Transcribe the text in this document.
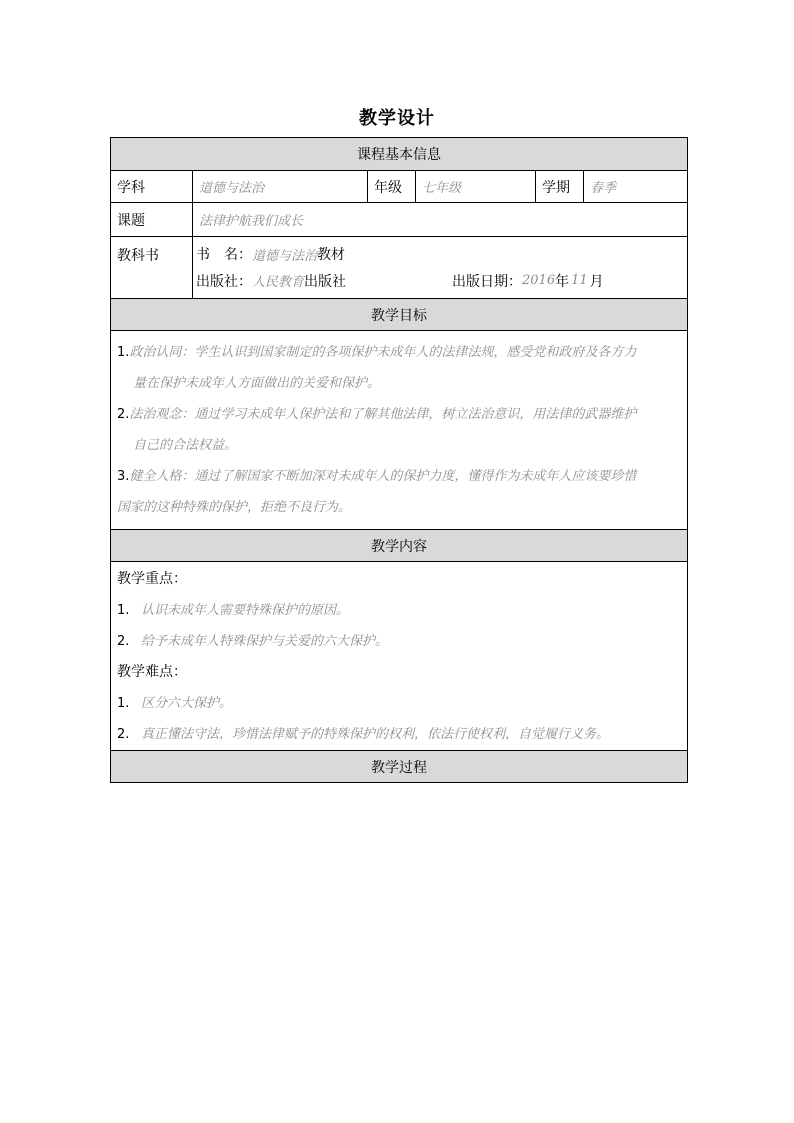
教学设计
课程基本信息
学科	道德与法治	年级	七年级	学期	春季
课题	法律护航我们成长
教科书	书　名： 道德与法治 教材
出版社： 人民教育 出版社	出版日期： 2016 年 11 月
教学目标
1.政治认同：学生认识到国家制定的各项保护未成年人的法律法规，感受党和政府及各方力
量在保护未成年人方面做出的关爱和保护。
2.法治观念：通过学习未成年人保护法和了解其他法律，树立法治意识，用法律的武器维护
自己的合法权益。
3.健全人格：通过了解国家不断加深对未成年人的保护力度，懂得作为未成年人应该要珍惜
国家的这种特殊的保护，拒绝不良行为。
教学内容
教学重点：
1. 认识未成年人需要特殊保护的原因。
2. 给予未成年人特殊保护与关爱的六大保护。
教学难点：
1. 区分六大保护。
2. 真正懂法守法，珍惜法律赋予的特殊保护的权利，依法行使权利，自觉履行义务。
教学过程
